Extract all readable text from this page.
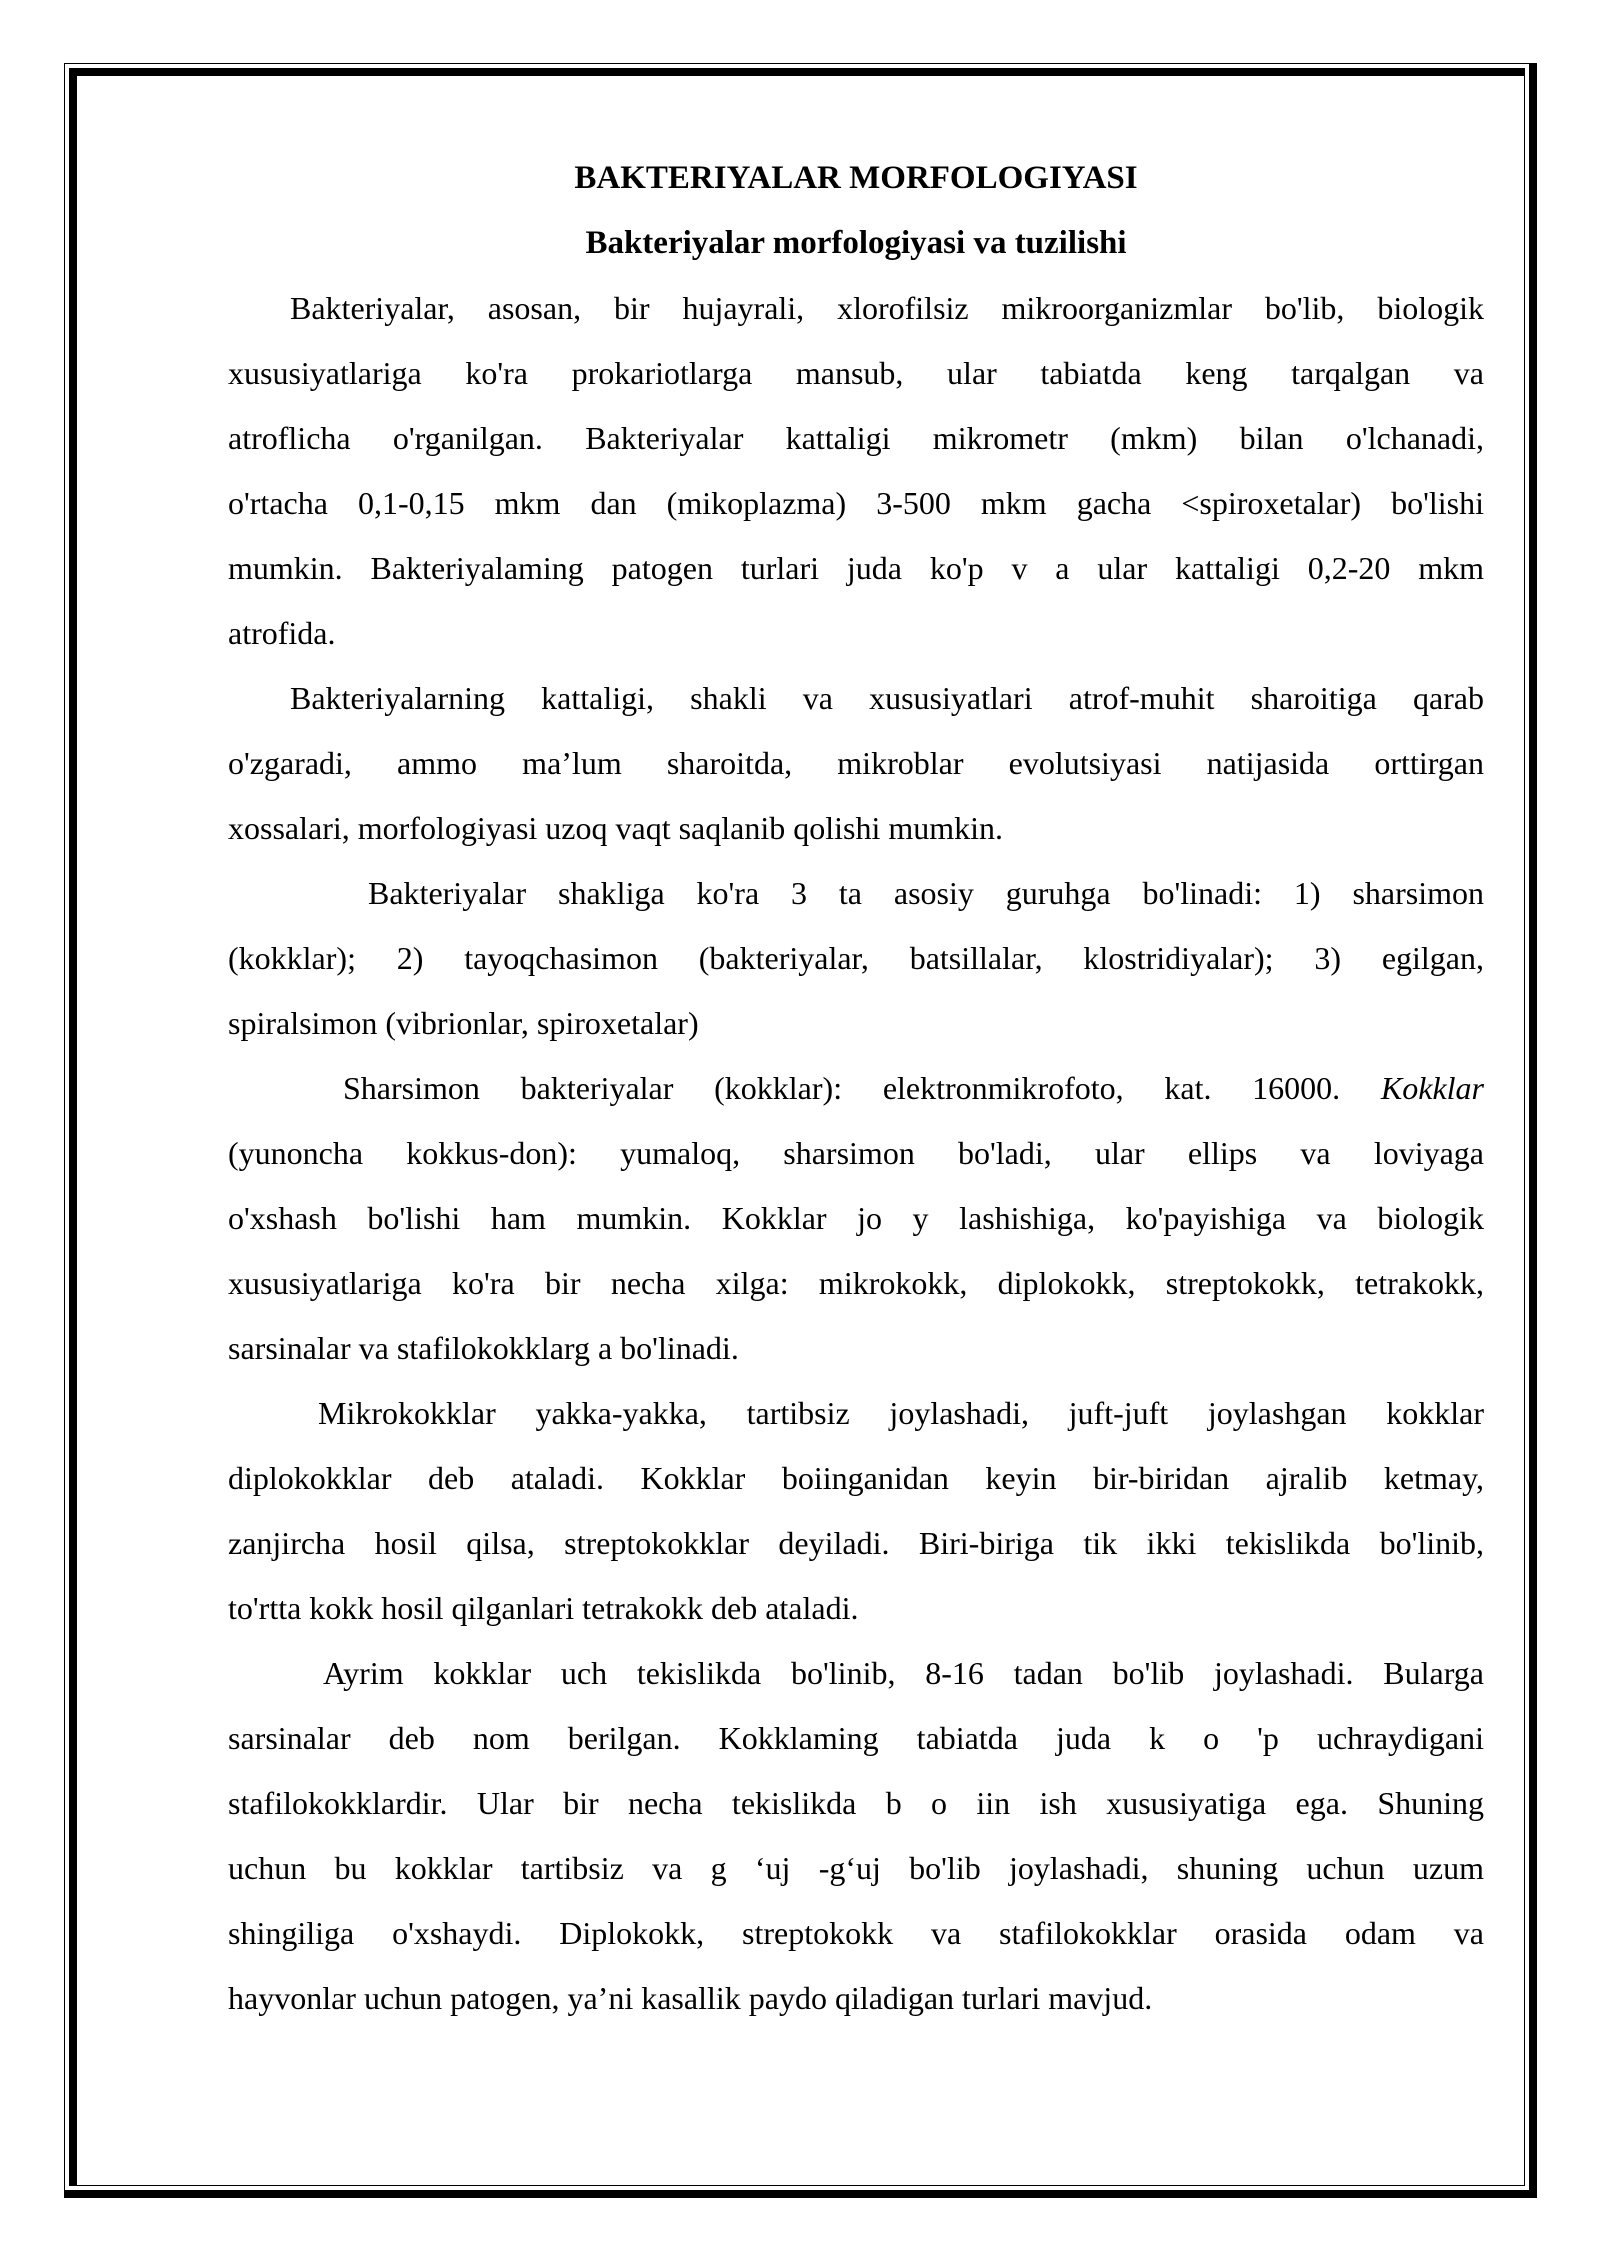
BAKTERIYALAR MORFOLOGIYASI
Bakteriyalar morfologiyasi va tuzilishi
Bakteriyalar, asosan, bir hujayrali, xlorofilsiz mikroorganizmlar bo'lib, biologik
xususiyatlariga ko'ra prokariotlarga mansub, ular tabiatda keng tarqalgan va
atroflicha o'rganilgan. Bakteriyalar kattaligi mikrometr (mkm) bilan o'lchanadi,
o'rtacha 0,1-0,15 mkm dan (mikoplazma) 3-500 mkm gacha <spiroxetalar) bo'lishi
mumkin. Bakteriyalaming patogen turlari juda ko'p v a ular kattaligi 0,2-20 mkm
atrofida.
Bakteriyalarning kattaligi, shakli va xususiyatlari atrof-muhit sharoitiga qarab
o'zgaradi, ammo ma’lum sharoitda, mikroblar evolutsiyasi natijasida orttirgan
xossalari, morfologiyasi uzoq vaqt saqlanib qolishi mumkin.
Bakteriyalar shakliga ko'ra 3 ta asosiy guruhga bo'linadi: 1) sharsimon
(kokklar); 2) tayoqchasimon (bakteriyalar, batsillalar, klostridiyalar); 3) egilgan,
spiralsimon (vibrionlar, spiroxetalar)
Sharsimon bakteriyalar (kokklar): elektronmikrofoto, kat. 16000. Kokklar
(yunoncha kokkus-don): yumaloq, sharsimon bo'ladi, ular ellips va loviyaga
o'xshash bo'lishi ham mumkin. Kokklar jo y lashishiga, ko'payishiga va biologik
xususiyatlariga ko'ra bir necha xilga: mikrokokk, diplokokk, streptokokk, tetrakokk,
sarsinalar va stafilokokklarg a bo'linadi.
Mikrokokklar yakka-yakka, tartibsiz joylashadi, juft-juft joylashgan kokklar
diplokokklar deb ataladi. Kokklar boiinganidan keyin bir-biridan ajralib ketmay,
zanjircha hosil qilsa, streptokokklar deyiladi. Biri-biriga tik ikki tekislikda bo'linib,
to'rtta kokk hosil qilganlari tetrakokk deb ataladi.
Ayrim kokklar uch tekislikda bo'linib, 8-16 tadan bo'lib joylashadi. Bularga
sarsinalar deb nom berilgan. Kokklaming tabiatda juda k o 'p uchraydigani
stafilokokklardir. Ular bir necha tekislikda b o iin ish xususiyatiga ega. Shuning
uchun bu kokklar tartibsiz va g ‘uj -g‘uj bo'lib joylashadi, shuning uchun uzum
shingiliga o'xshaydi. Diplokokk, streptokokk va stafilokokklar orasida odam va
hayvonlar uchun patogen, ya’ni kasallik paydo qiladigan turlari mavjud.
